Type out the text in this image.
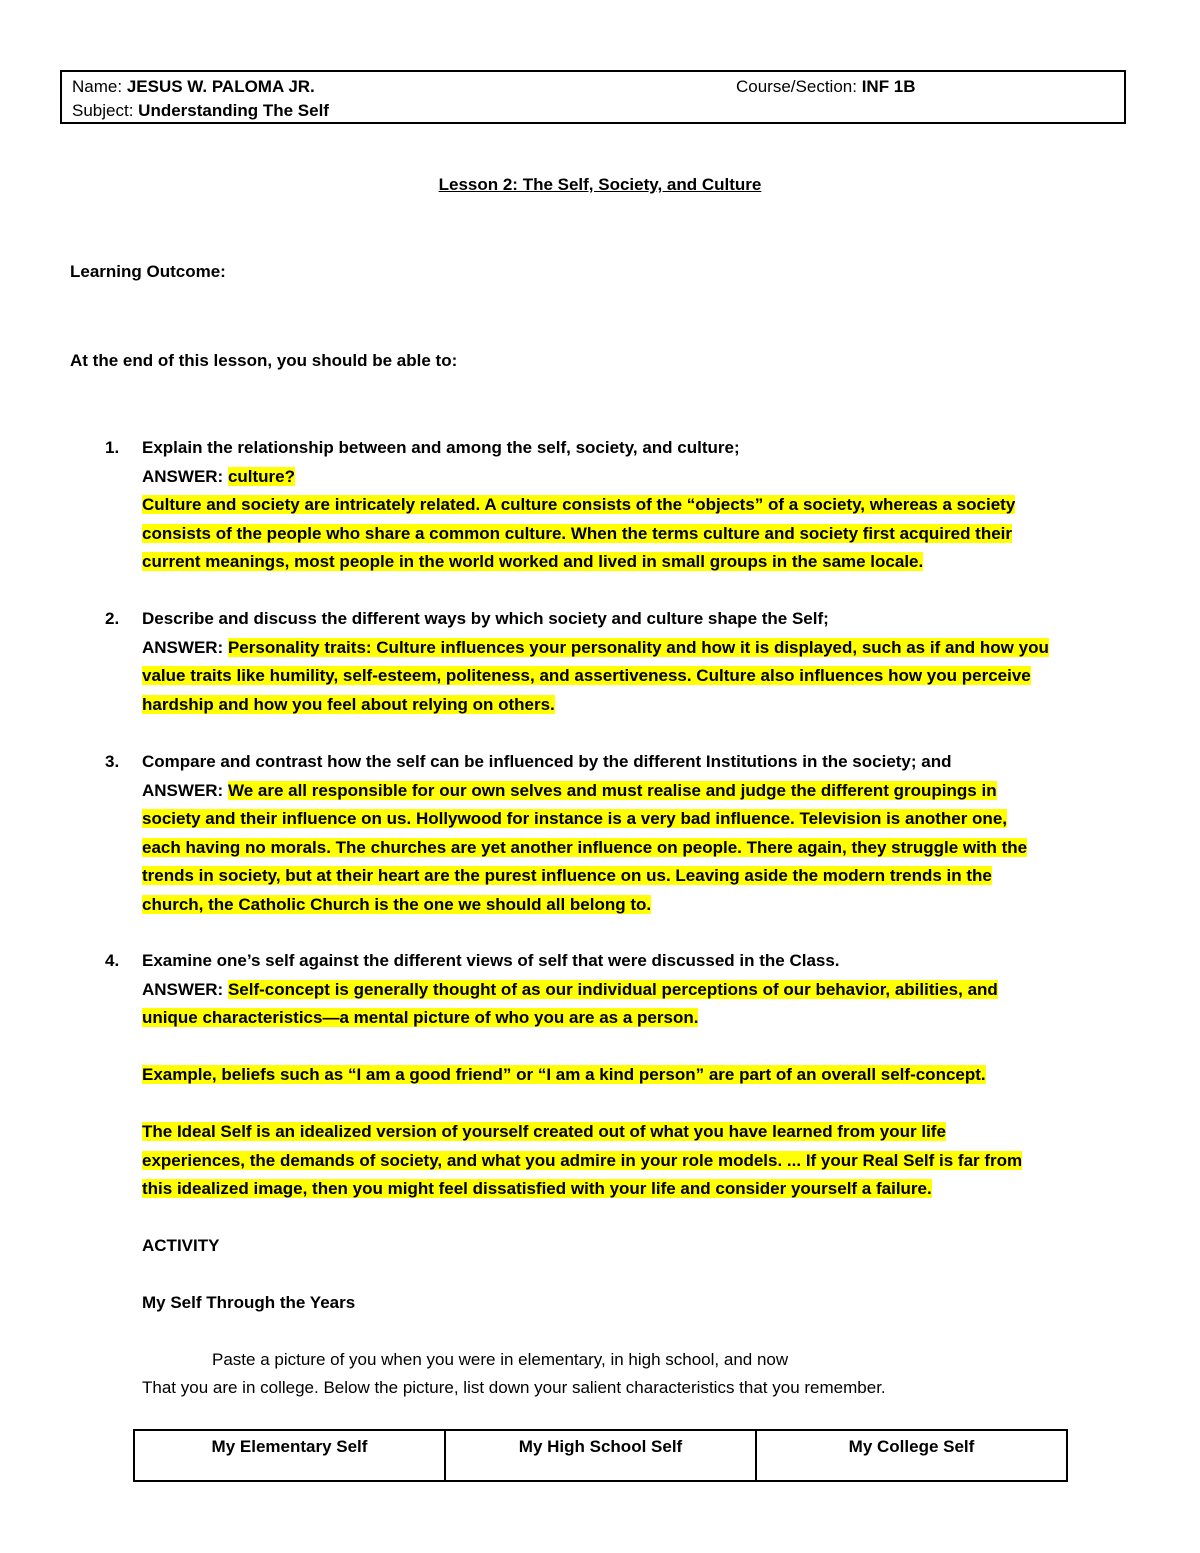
Name: JESUS W. PALOMA JR.	Course/Section: INF 1B
Subject: Understanding The Self
Lesson 2: The Self, Society, and Culture
Learning Outcome:
At the end of this lesson, you should be able to:
1. Explain the relationship between and among the self, society, and culture;
ANSWER: culture?
Culture and society are intricately related. A culture consists of the “objects” of a society, whereas a society
consists of the people who share a common culture. When the terms culture and society first acquired their
current meanings, most people in the world worked and lived in small groups in the same locale.
2. Describe and discuss the different ways by which society and culture shape the Self;
ANSWER: Personality traits: Culture influences your personality and how it is displayed, such as if and how you
value traits like humility, self-esteem, politeness, and assertiveness. Culture also influences how you perceive
hardship and how you feel about relying on others.
3. Compare and contrast how the self can be influenced by the different Institutions in the society; and
ANSWER: We are all responsible for our own selves and must realise and judge the different groupings in
society and their influence on us. Hollywood for instance is a very bad influence. Television is another one,
each having no morals. The churches are yet another influence on people. There again, they struggle with the
trends in society, but at their heart are the purest influence on us. Leaving aside the modern trends in the
church, the Catholic Church is the one we should all belong to.
4. Examine one’s self against the different views of self that were discussed in the Class.
ANSWER: Self-concept is generally thought of as our individual perceptions of our behavior, abilities, and
unique characteristics—a mental picture of who you are as a person.
Example, beliefs such as “I am a good friend” or “I am a kind person” are part of an overall self-concept.
The Ideal Self is an idealized version of yourself created out of what you have learned from your life
experiences, the demands of society, and what you admire in your role models. ... If your Real Self is far from
this idealized image, then you might feel dissatisfied with your life and consider yourself a failure.
ACTIVITY
My Self Through the Years
Paste a picture of you when you were in elementary, in high school, and now
That you are in college. Below the picture, list down your salient characteristics that you remember.
My Elementary Self	My High School Self	My College Self
